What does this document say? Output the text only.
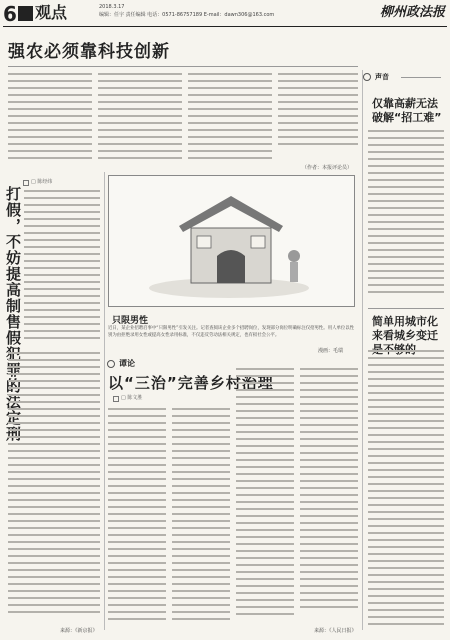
6 观点	2018.3.17
编辑：任宇 责任编辑 电话：0571-86757189 E-mail：dawn306@163.com	柳州政法报
强农必须靠科技创新
（作者：本报评论员）
□ 陈经纬
打假，不妨提高制售假犯罪的法定刑
来源：《新京报》
只限男性
近日，某企业招聘启事中“只限男性”引发关注。记者查阅该企业多个招聘岗位，发现部分岗位明确标注仅招男性。用人单位以性别为由拒绝录用女性或提高女性录用标准，不仅违反劳动法相关规定，也有损社会公平。
漫画：毛瑞
谭论
以“三治”完善乡村治理
□ 陈文胜
来源：《人民日报》
声音
仅靠高薪无法破解“招工难”
简单用城市化来看城乡变迁是不够的
